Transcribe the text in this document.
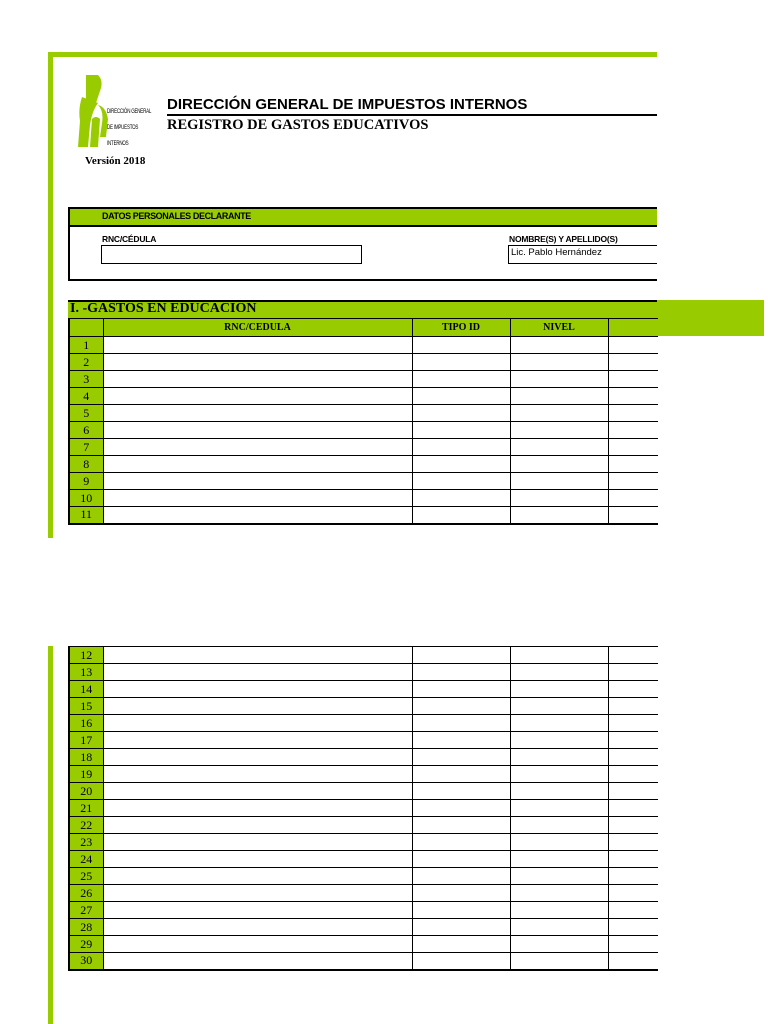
DIRECCIÓN GENERAL
DE IMPUESTOS
INTERNOS
Versión 2018
DIRECCIÓN GENERAL DE IMPUESTOS INTERNOS
REGISTRO DE GASTOS EDUCATIVOS
DATOS PERSONALES DECLARANTE
RNC/CÉDULA	NOMBRE(S) Y APELLIDO(S)
Lic. Pablo Hernández
I. -GASTOS EN EDUCACIÓN
	RNC/CEDULA	TIPO ID	NIVEL	
1				
2				
3				
4				
5				
6				
7				
8				
9				
10				
11				
12				
13				
14				
15				
16				
17				
18				
19				
20				
21				
22				
23				
24				
25				
26				
27				
28				
29				
30				
